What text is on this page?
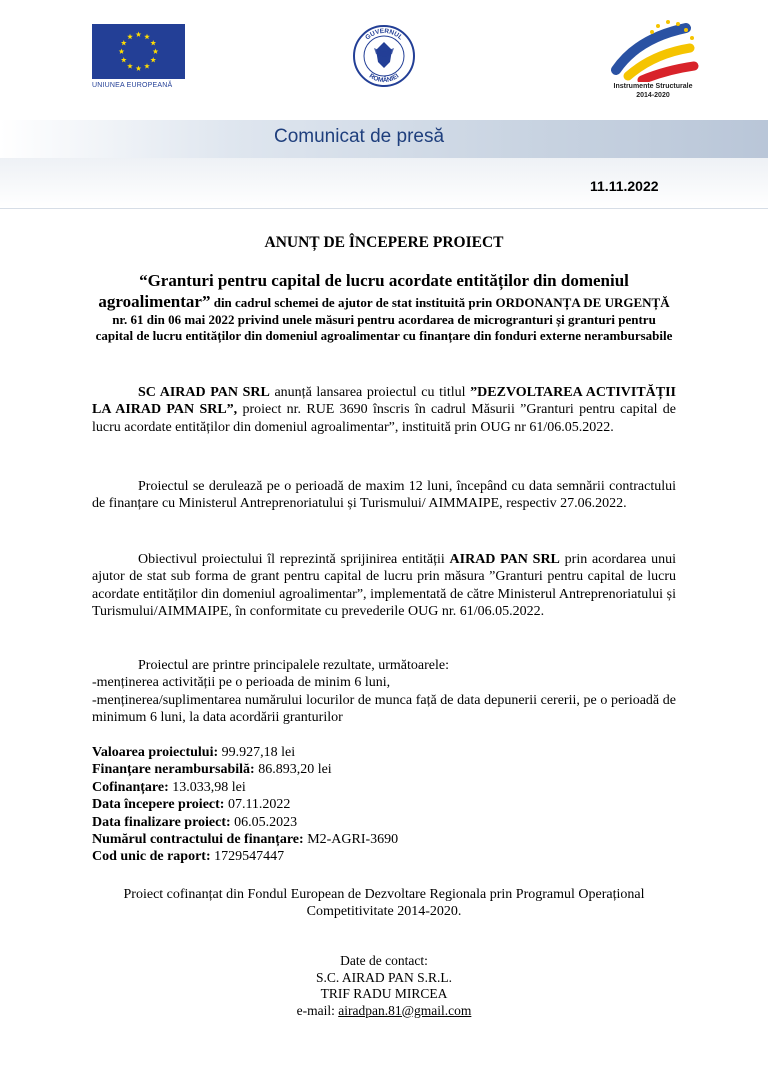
UNIUNEA EUROPEANĂ
GUVERNUL
ROMÂNIEI
Instrumente Structurale
2014-2020
Comunicat de presă
11.11.2022
ANUNȚ DE ÎNCEPERE PROIECT
“Granturi pentru capital de lucru acordate entităților din domeniul agroalimentar” din cadrul schemei de ajutor de stat instituită prin ORDONANȚA DE URGENȚĂ nr. 61 din 06 mai 2022 privind unele măsuri pentru acordarea de microgranturi și granturi pentru capital de lucru entităților din domeniul agroalimentar cu finanțare din fonduri externe nerambursabile
SC AIRAD PAN SRL anunță lansarea proiectul cu titlul ”DEZVOLTAREA ACTIVITĂȚII LA AIRAD PAN SRL”, proiect nr. RUE 3690 înscris în cadrul Măsurii ”Granturi pentru capital de lucru acordate entităților din domeniul agroalimentar”, instituită prin OUG nr 61/06.05.2022.
Proiectul se derulează pe o perioadă de maxim 12 luni, începând cu data semnării contractului de finanțare cu Ministerul Antreprenoriatului și Turismului/ AIMMAIPE, respectiv 27.06.2022.
Obiectivul proiectului îl reprezintă sprijinirea entității AIRAD PAN SRL prin acordarea unui ajutor de stat sub forma de grant pentru capital de lucru prin măsura ”Granturi pentru capital de lucru acordate entităților din domeniul agroalimentar”, implementată de către Ministerul Antreprenoriatului și Turismului/AIMMAIPE, în conformitate cu prevederile OUG nr. 61/06.05.2022.
Proiectul are printre principalele rezultate, următoarele:
-menținerea activității pe o perioada de minim 6 luni,
-menținerea/suplimentarea numărului locurilor de munca față de data depunerii cererii, pe o perioadă de minimum 6 luni, la data acordării granturilor
Valoarea proiectului: 99.927,18 lei
Finanțare nerambursabilă: 86.893,20 lei
Cofinanțare: 13.033,98 lei
Data începere proiect: 07.11.2022
Data finalizare proiect: 06.05.2023
Numărul contractului de finanțare: M2-AGRI-3690
Cod unic de raport: 1729547447
Proiect cofinanțat din Fondul European de Dezvoltare Regionala prin Programul Operațional Competitivitate 2014-2020.
Date de contact:
S.C. AIRAD PAN S.R.L.
TRIF RADU MIRCEA
e-mail: airadpan.81@gmail.com
